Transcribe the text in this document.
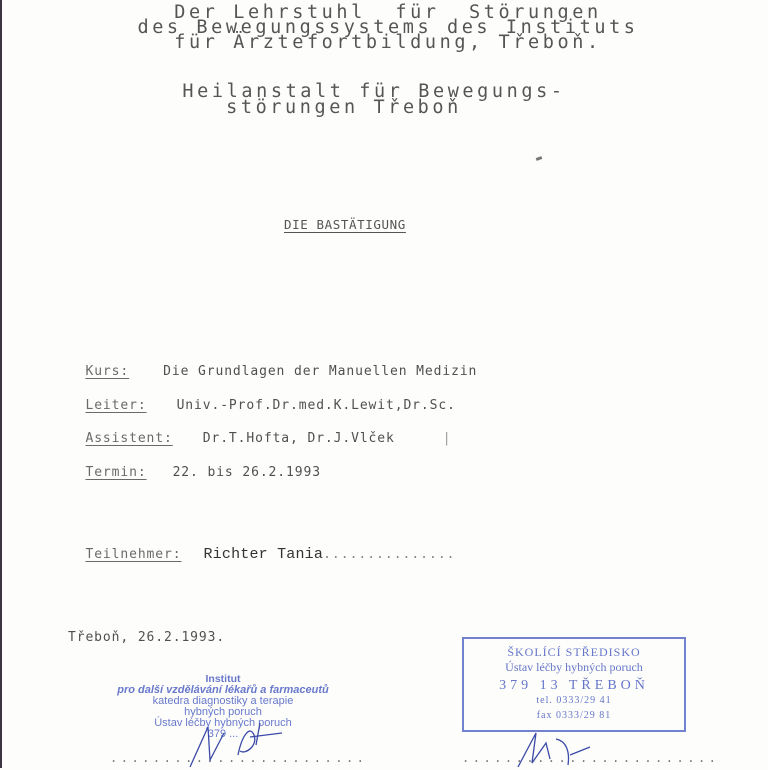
Der Lehrstuhl  für  Störungen
des Bewegungssystems des Instituts
für Ärztefortbildung, Třeboň.
Heilanstalt für Bewegungs-
störungen Třeboň
DIE BASTÄTIGUNG

Kurs:	Die Grundlagen der Manuellen Medizin

Leiter: Univ.-Prof.Dr.med.K.Lewit,Dr.Sc.

Assistent: Dr.T.Hofta, Dr.J.Vlček	|

Termin: 22. bis 26.2.1993

Teilnehmer: Richter Tania...............

Třeboň, 26.2.1993.
Institut
pro další vzdělávání lékařů a farmaceutů
katedra diagnostiky a terapie
hybných poruch
Ústav léčby hybných poruch
379 ...
ŠKOLÍCÍ STŘEDISKO
Ústav léčby hybných poruch
379 13 TŘEBOŇ
tel. 0333/29 41
fax 0333/29 81
........................	........................
